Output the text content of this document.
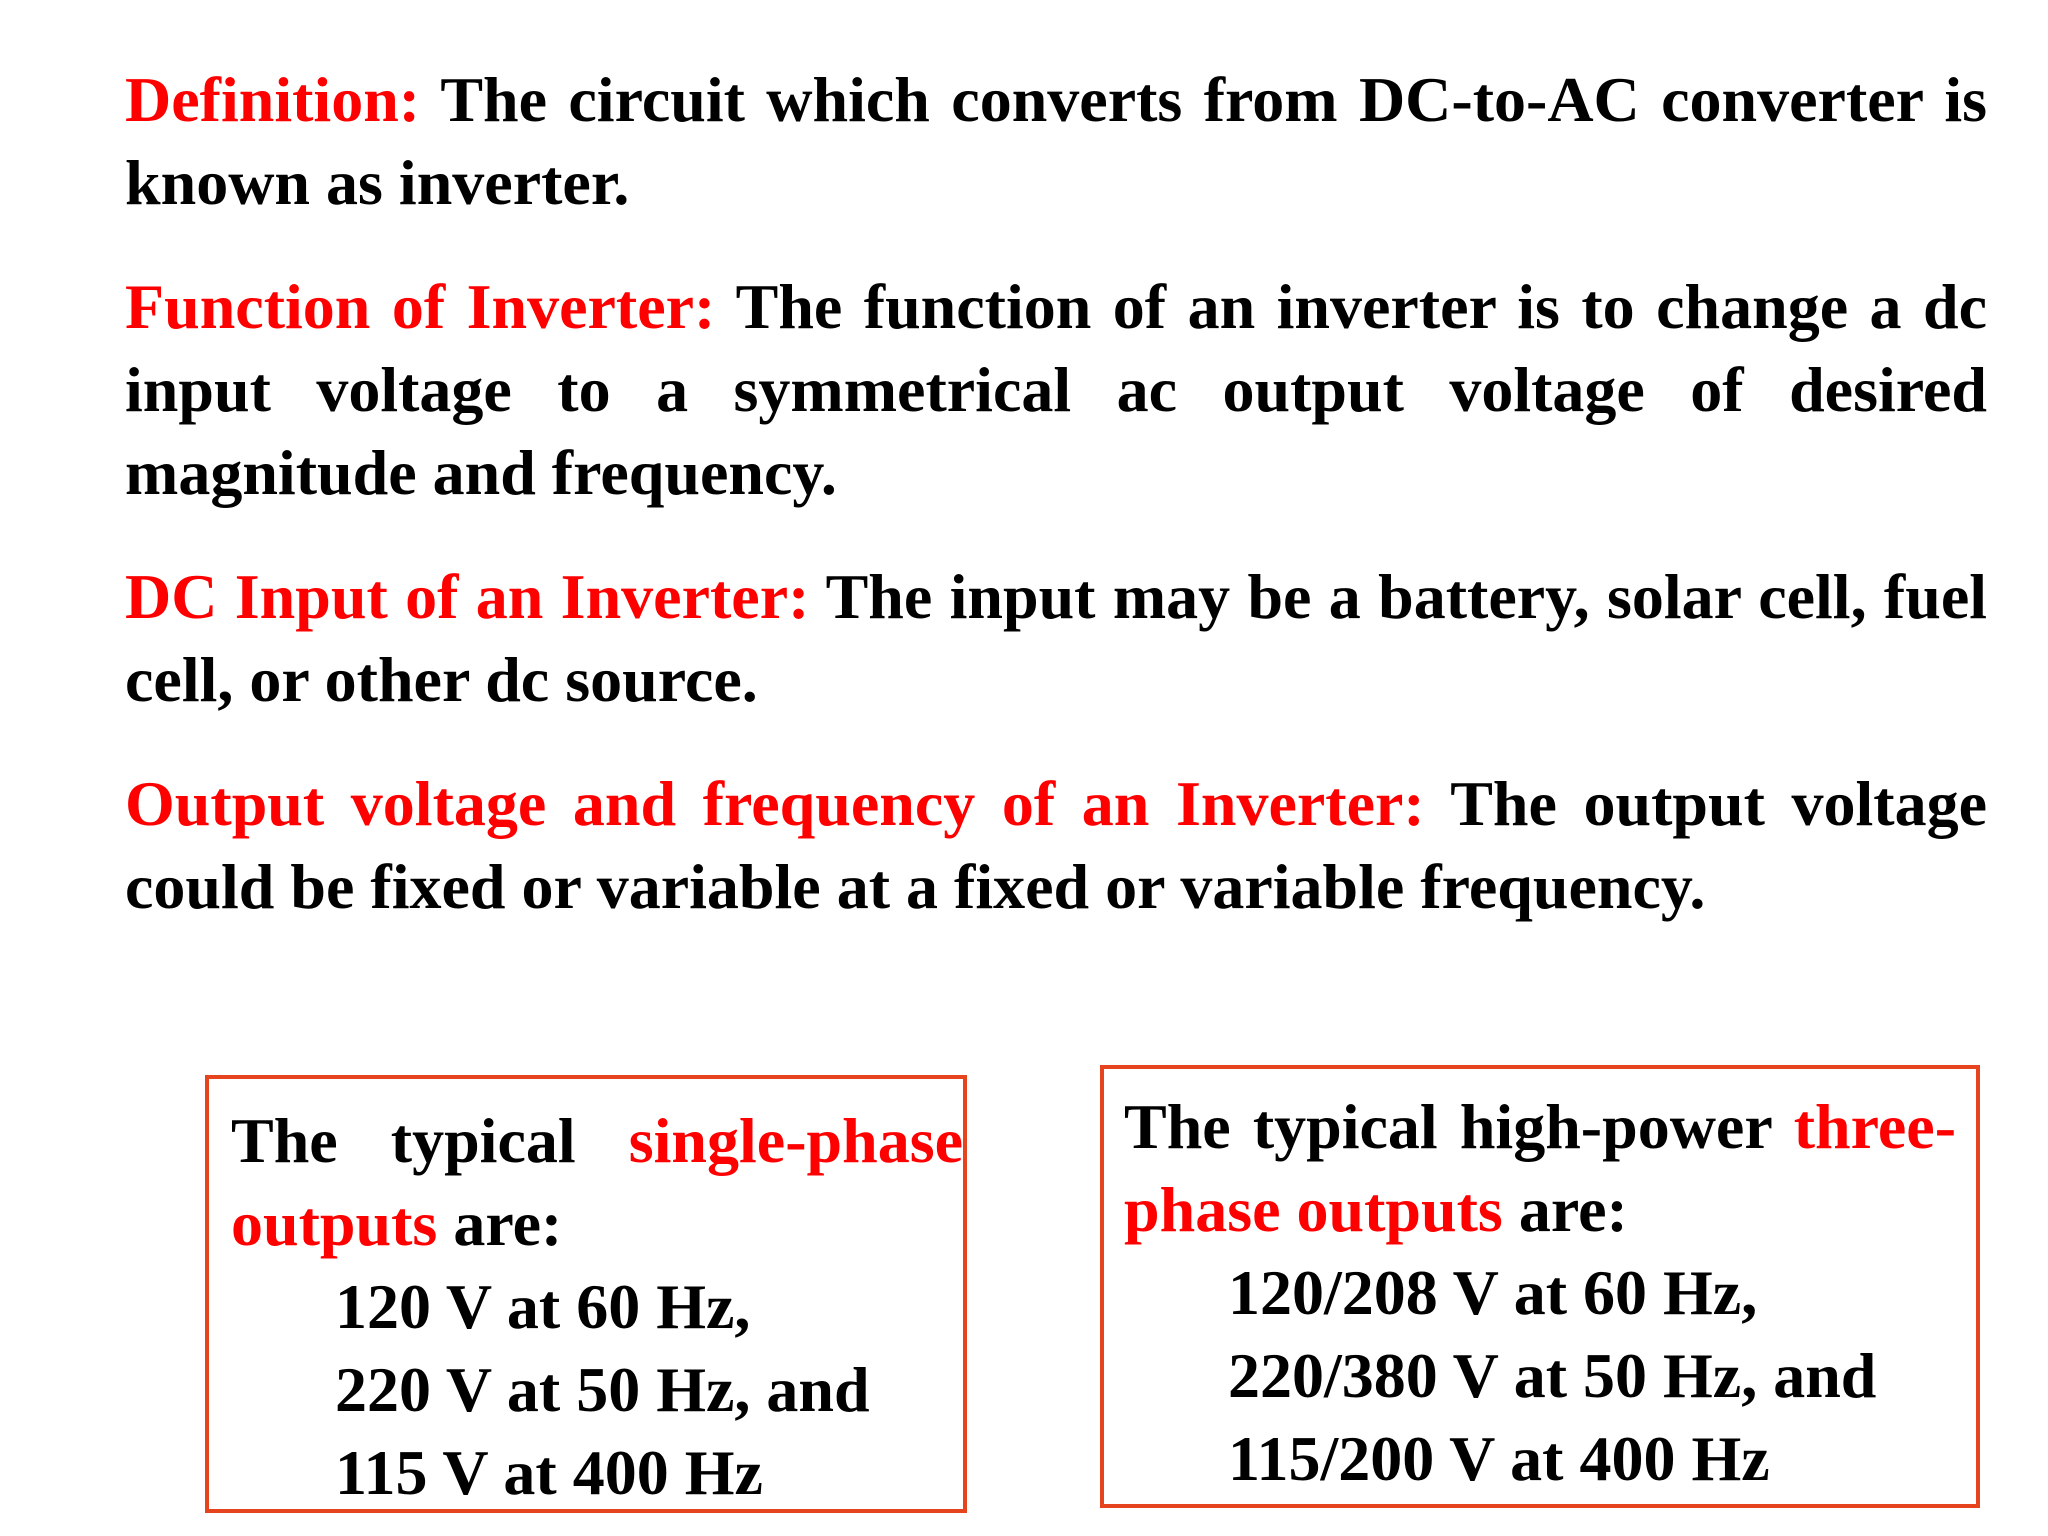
Definition: The circuit which converts from DC-to-AC converter is known as inverter.

Function of Inverter: The function of an inverter is to change a dc input voltage to a symmetrical ac output voltage of desired magnitude and frequency.

DC Input of an Inverter: The input may be a battery, solar cell, fuel cell, or other dc source.

Output voltage and frequency of an Inverter: The output voltage could be fixed or variable at a fixed or variable frequency.

The typical single-phase outputs are:

120 V at 60 Hz,
220 V at 50 Hz, and
115 V at 400 Hz

The typical high-power three-phase outputs are:

120/208 V at 60 Hz,
220/380 V at 50 Hz, and
115/200 V at 400 Hz
